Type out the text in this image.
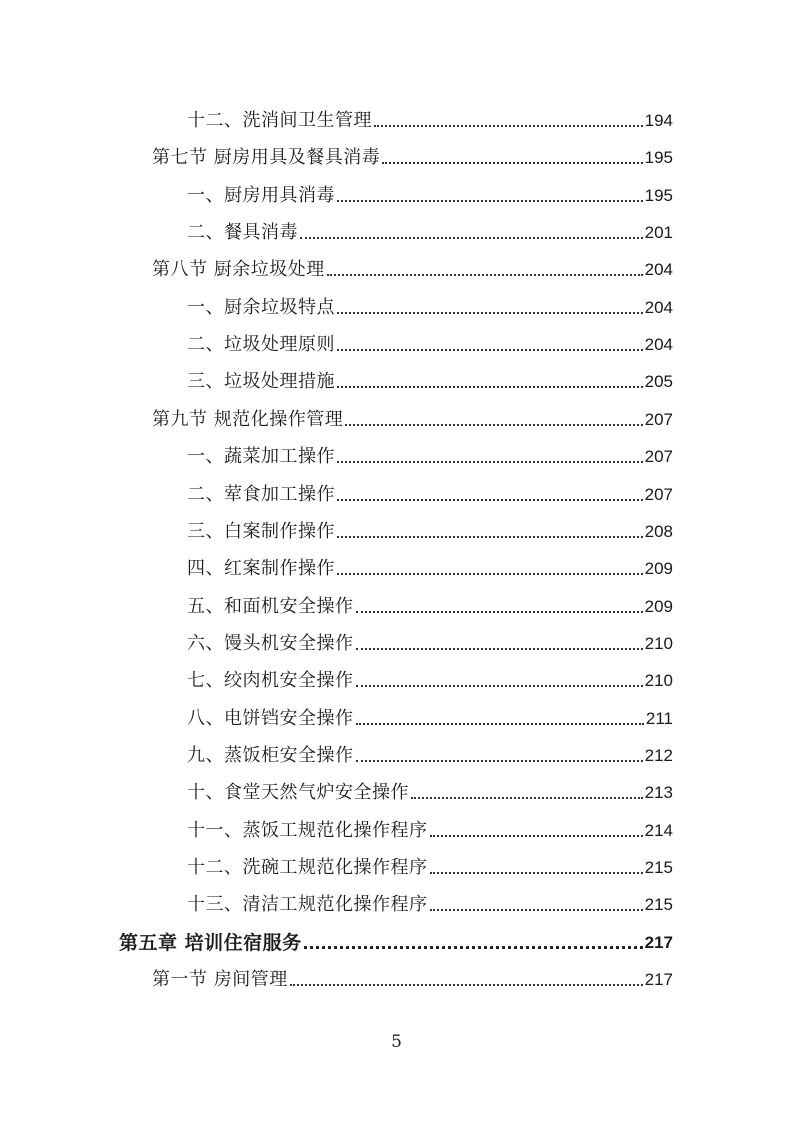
十二、洗消间卫生管理	194
第七节 厨房用具及餐具消毒	195
一、厨房用具消毒	195
二、餐具消毒	201
第八节 厨余垃圾处理	204
一、厨余垃圾特点	204
二、垃圾处理原则	204
三、垃圾处理措施	205
第九节 规范化操作管理	207
一、蔬菜加工操作	207
二、荤食加工操作	207
三、白案制作操作	208
四、红案制作操作	209
五、和面机安全操作	209
六、馒头机安全操作	210
七、绞肉机安全操作	210
八、电饼铛安全操作	211
九、蒸饭柜安全操作	212
十、食堂天然气炉安全操作	213
十一、蒸饭工规范化操作程序	214
十二、洗碗工规范化操作程序	215
十三、清洁工规范化操作程序	215
第五章 培训住宿服务	217
第一节 房间管理	217
5
